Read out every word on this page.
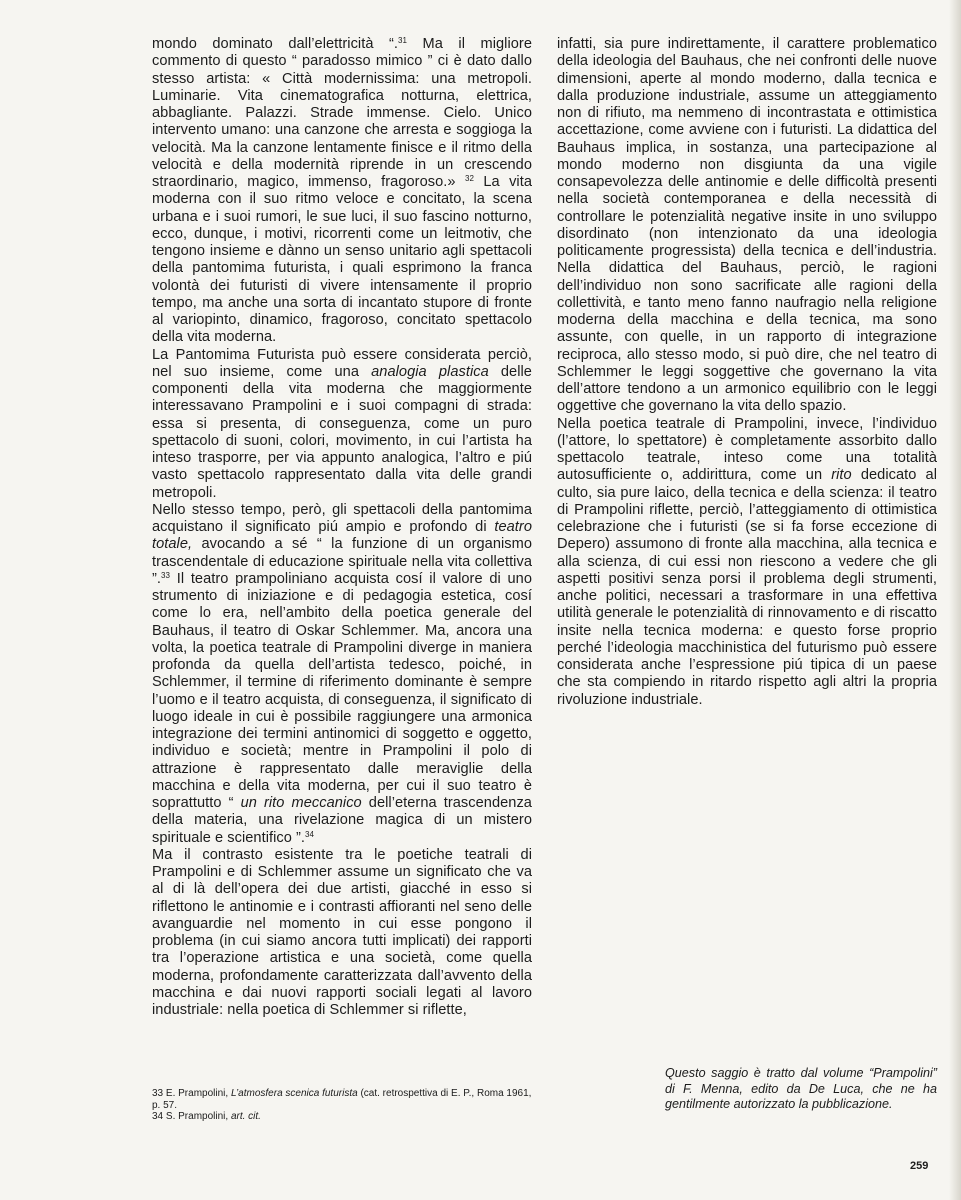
mondo dominato dall’elettricità “.$^{31}$ Ma il migliore commento di questo “ paradosso mimico ” ci è dato dallo stesso artista: « Città modernissima: una metropoli. Luminarie. Vita cinematografica notturna, elettrica, abbagliante. Palazzi. Strade immense. Cielo. Unico intervento umano: una canzone che arresta e soggioga la velocità. Ma la canzone lentamente finisce e il ritmo della velocità e della modernità riprende in un crescendo straordinario, magico, immenso, fragoroso.» $^{32}$ La vita moderna con il suo ritmo veloce e concitato, la scena urbana e i suoi rumori, le sue luci, il suo fascino notturno, ecco, dunque, i motivi, ricorrenti come un leitmotiv, che tengono insieme e dànno un senso unitario agli spettacoli della pantomima futurista, i quali esprimono la franca volontà dei futuristi di vivere intensamente il proprio tempo, ma anche una sorta di incantato stupore di fronte al variopinto, dinamico, fragoroso, concitato spettacolo della vita moderna.

La Pantomima Futurista può essere considerata perciò, nel suo insieme, come una analogia plastica delle componenti della vita moderna che maggiormente interessavano Prampolini e i suoi compagni di strada: essa si presenta, di conseguenza, come un puro spettacolo di suoni, colori, movimento, in cui l’artista ha inteso trasporre, per via appunto analogica, l’altro e piú vasto spettacolo rappresentato dalla vita delle grandi metropoli.

Nello stesso tempo, però, gli spettacoli della pantomima acquistano il significato piú ampio e profondo di teatro totale, avocando a sé “ la funzione di un organismo trascendentale di educazione spirituale nella vita collettiva ”.$^{33}$ Il teatro prampoliniano acquista cosí il valore di uno strumento di iniziazione e di pedagogia estetica, cosí come lo era, nell’ambito della poetica generale del Bauhaus, il teatro di Oskar Schlemmer. Ma, ancora una volta, la poetica teatrale di Prampolini diverge in maniera profonda da quella dell’artista tedesco, poiché, in Schlemmer, il termine di riferimento dominante è sempre l’uomo e il teatro acquista, di conseguenza, il significato di luogo ideale in cui è possibile raggiungere una armonica integrazione dei termini antinomici di soggetto e oggetto, individuo e società; mentre in Prampolini il polo di attrazione è rappresentato dalle meraviglie della macchina e della vita moderna, per cui il suo teatro è soprattutto “ un rito meccanico dell’eterna trascendenza della materia, una rivelazione magica di un mistero spirituale e scientifico ”.$^{34}$

Ma il contrasto esistente tra le poetiche teatrali di Prampolini e di Schlemmer assume un significato che va al di là dell’opera dei due artisti, giacché in esso si riflettono le antinomie e i contrasti affioranti nel seno delle avanguardie nel momento in cui esse pongono il problema (in cui siamo ancora tutti implicati) dei rapporti tra l’operazione artistica e una società, come quella moderna, profondamente caratterizzata dall’avvento della macchina e dai nuovi rapporti sociali legati al lavoro industriale: nella poetica di Schlemmer si riflette,

infatti, sia pure indirettamente, il carattere problematico della ideologia del Bauhaus, che nei confronti delle nuove dimensioni, aperte al mondo moderno, dalla tecnica e dalla produzione industriale, assume un atteggiamento non di rifiuto, ma nemmeno di incontrastata e ottimistica accettazione, come avviene con i futuristi. La didattica del Bauhaus implica, in sostanza, una partecipazione al mondo moderno non disgiunta da una vigile consapevolezza delle antinomie e delle difficoltà presenti nella società contemporanea e della necessità di controllare le potenzialità negative insite in uno sviluppo disordinato (non intenzionato da una ideologia politicamente progressista) della tecnica e dell’industria. Nella didattica del Bauhaus, perciò, le ragioni dell’individuo non sono sacrificate alle ragioni della collettività, e tanto meno fanno naufragio nella religione moderna della macchina e della tecnica, ma sono assunte, con quelle, in un rapporto di integrazione reciproca, allo stesso modo, si può dire, che nel teatro di Schlemmer le leggi soggettive che governano la vita dell’attore tendono a un armonico equilibrio con le leggi oggettive che governano la vita dello spazio.

Nella poetica teatrale di Prampolini, invece, l’individuo (l’attore, lo spettatore) è completamente assorbito dallo spettacolo teatrale, inteso come una totalità autosufficiente o, addirittura, come un rito dedicato al culto, sia pure laico, della tecnica e della scienza: il teatro di Prampolini riflette, perciò, l’atteggiamento di ottimistica celebrazione che i futuristi (se si fa forse eccezione di Depero) assumono di fronte alla macchina, alla tecnica e alla scienza, di cui essi non riescono a vedere che gli aspetti positivi senza porsi il problema degli strumenti, anche politici, necessari a trasformare in una effettiva utilità generale le potenzialità di rinnovamento e di riscatto insite nella tecnica moderna: e questo forse proprio perché l’ideologia macchinistica del futurismo può essere considerata anche l’espressione piú tipica di un paese che sta compiendo in ritardo rispetto agli altri la propria rivoluzione industriale.

33 E. Prampolini, L’atmosfera scenica futurista (cat. retrospettiva di E. P., Roma 1961, p. 57.
34 S. Prampolini, art. cit.
Questo saggio è tratto dal volume “Prampolini” di F. Menna, edito da De Luca, che ne ha gentilmente autorizzato la pubblicazione.
259
